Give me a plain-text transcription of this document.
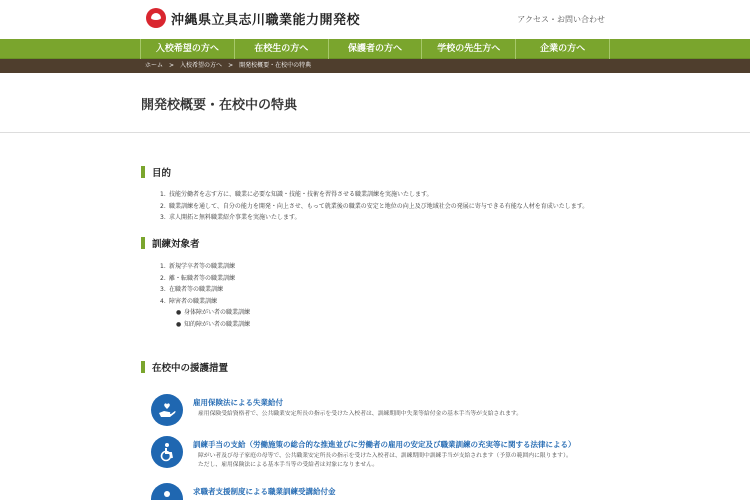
沖縄県立具志川職業能力開発校	アクセス・お問い合わせ
入校希望の方へ	在校生の方へ	保護者の方へ	学校の先生方へ	企業の方へ
ホーム > 入校希望の方へ > 開発校概要・在校中の特典
開発校概要・在校中の特典
目的
1. 技能労働者を志す方に、職業に必要な知識・技能・技術を習得させる職業訓練を実施いたします。
2. 職業訓練を通して、自分の能力を開発・向上させ、もって就業後の職業の安定と地位の向上及び地域社会の発展に寄与できる有能な人材を育成いたします。
3. 求人開拓と無料職業紹介事業を実施いたします。
訓練対象者
1. 新規学卒者等の職業訓練
2. 離・転職者等の職業訓練
3. 在職者等の職業訓練
4. 障害者の職業訓練
● 身体障がい者の職業訓練
● 知的障がい者の職業訓練
在校中の援護措置
雇用保険法による失業給付
雇用保険受給資格者で、公共職業安定所長の指示を受けた入校者は、訓練期間中失業等給付金の基本手当等が支給されます。
訓練手当の支給（労働施策の総合的な推進並びに労働者の雇用の安定及び職業訓練の充実等に関する法律による）
障がい者及び母子家庭の母等で、公共職業安定所長の指示を受けた入校者は、訓練期間中訓練手当が支給されます（予算の範囲内に限ります）。
ただし、雇用保険法による基本手当等の受給者は対象になりません。
求職者支援制度による職業訓練受講給付金
